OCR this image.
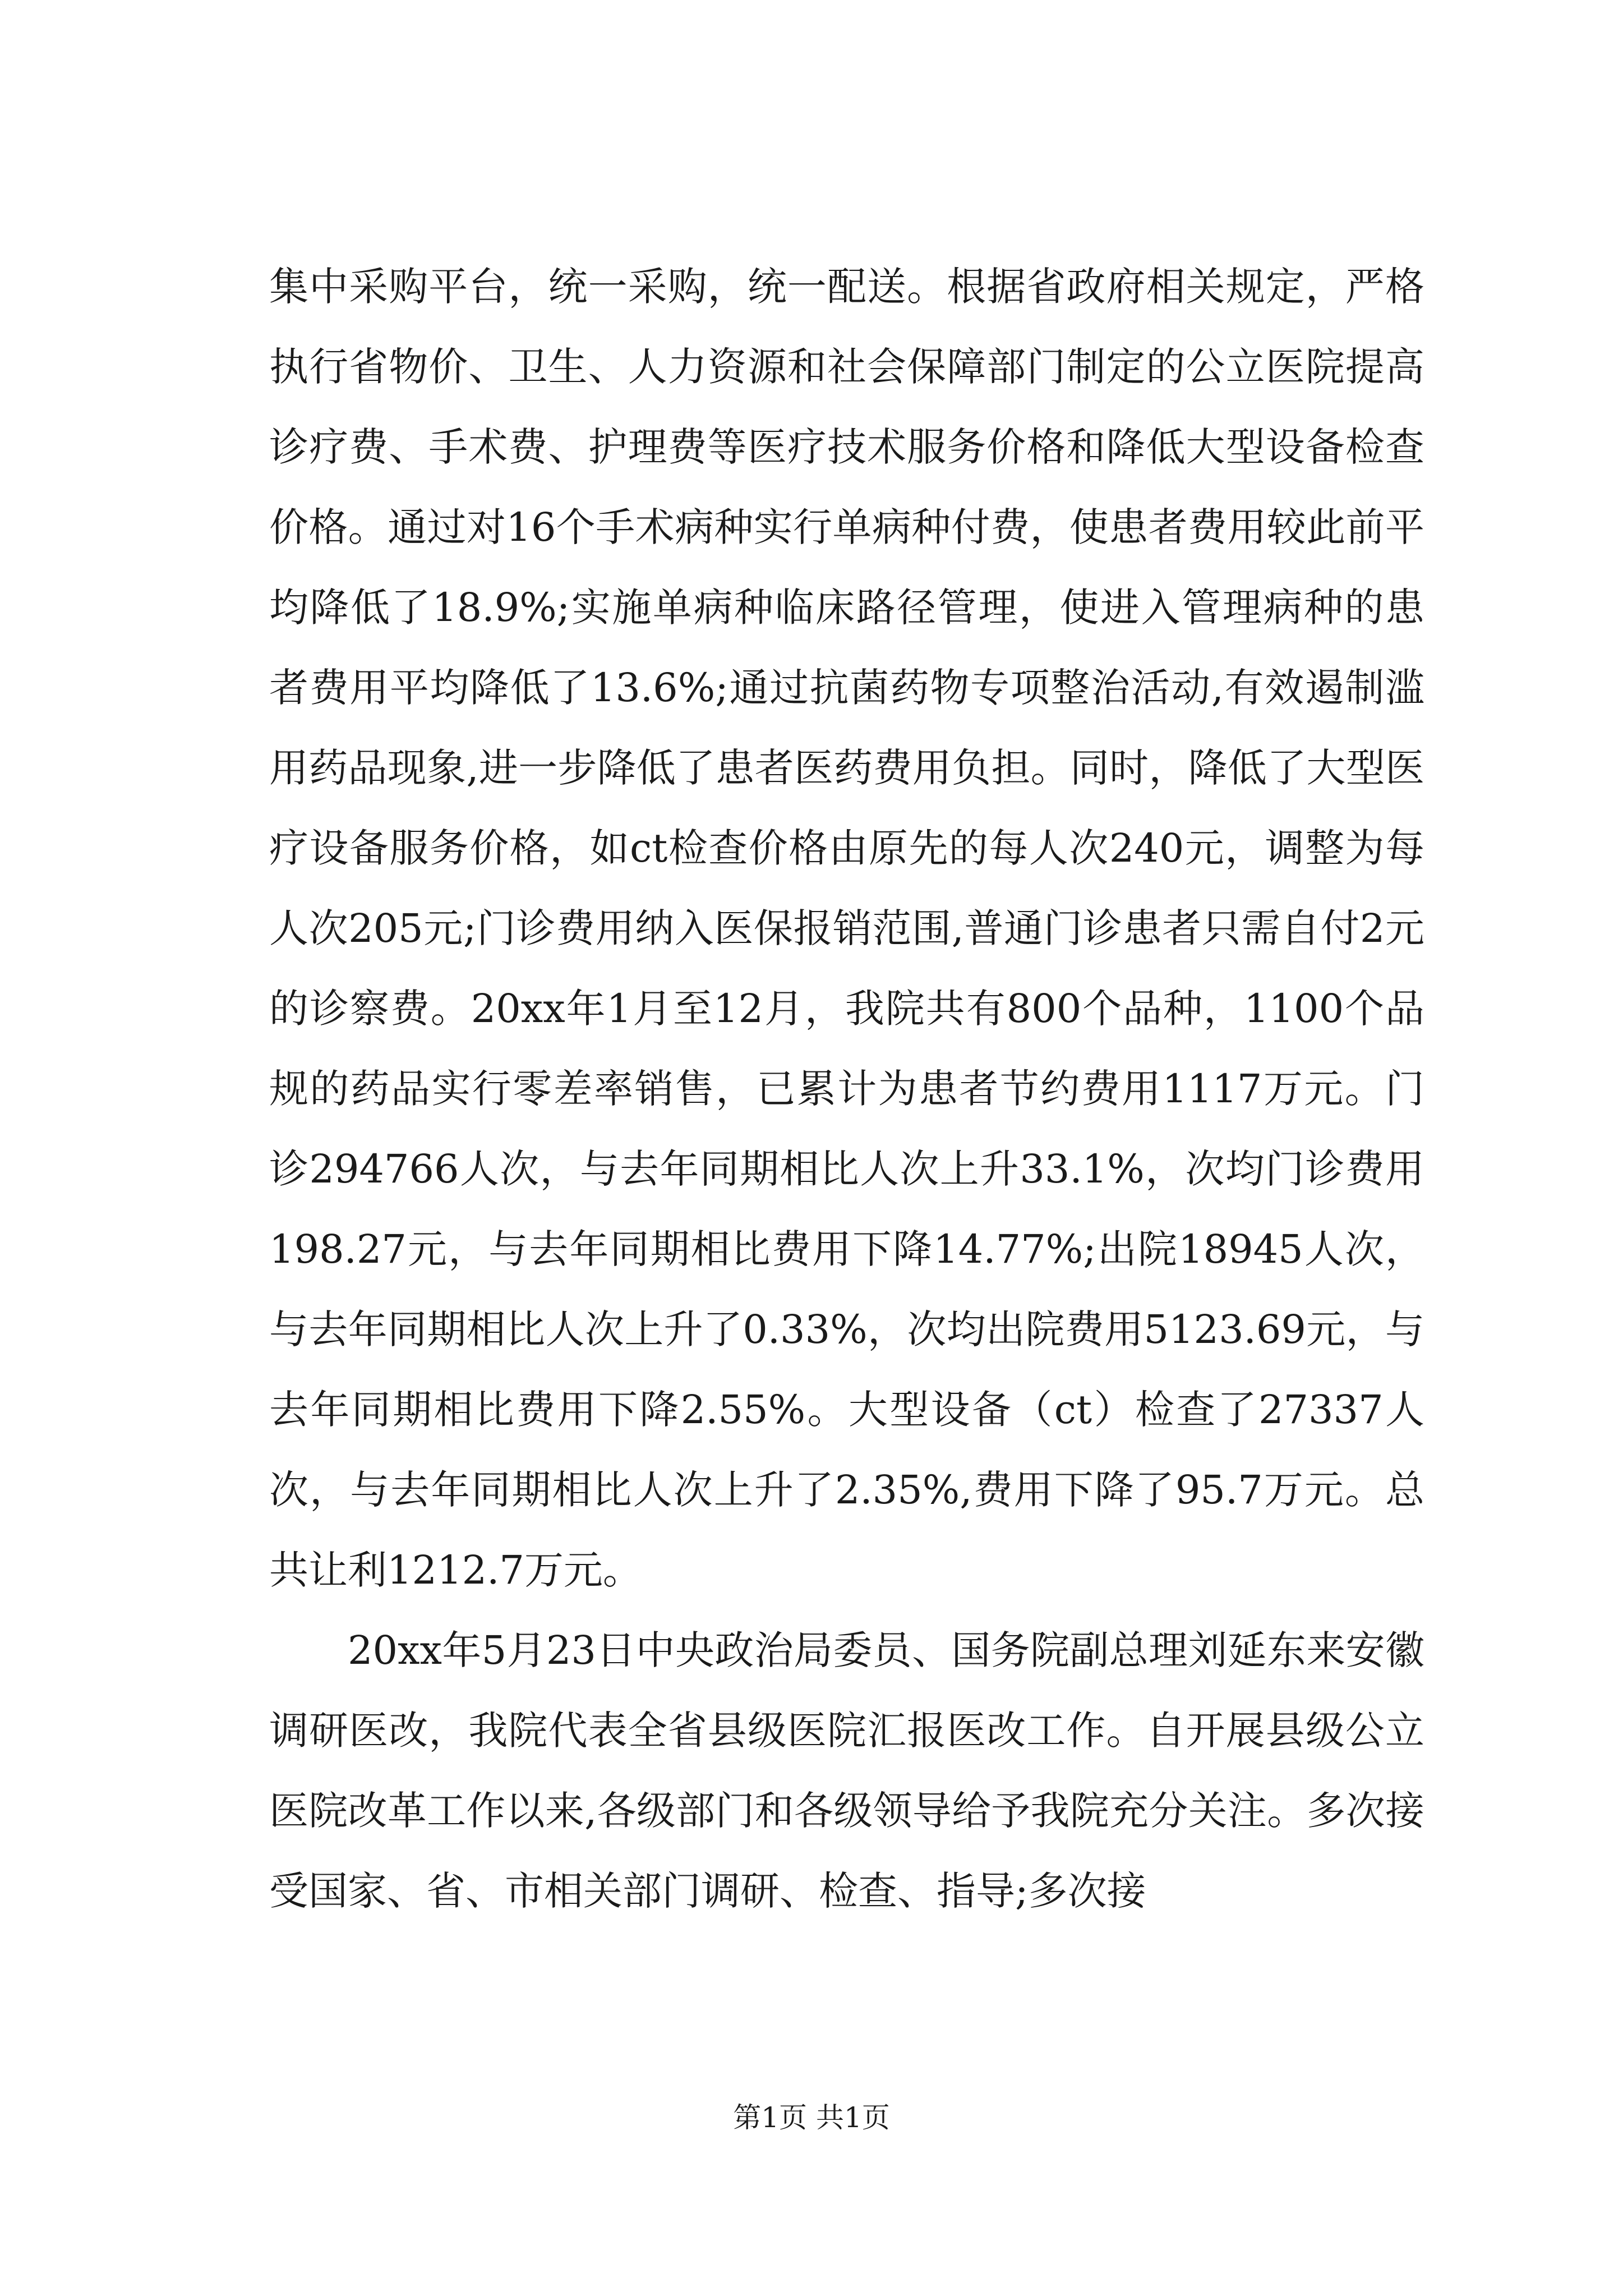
集中采购平台，统一采购，统一配送。根据省政府相关规定，严格执行省物价、卫生、人力资源和社会保障部门制定的公立医院提高诊疗费、手术费、护理费等医疗技术服务价格和降低大型设备检查价格。通过对16个手术病种实行单病种付费，使患者费用较此前平均降低了18.9%;实施单病种临床路径管理，使进入管理病种的患者费用平均降低了13.6%;通过抗菌药物专项整治活动,有效遏制滥用药品现象,进一步降低了患者医药费用负担。同时，降低了大型医疗设备服务价格，如ct检查价格由原先的每人次240元，调整为每人次205元;门诊费用纳入医保报销范围,普通门诊患者只需自付2元的诊察费。20xx年1月至12月，我院共有800个品种，1100个品规的药品实行零差率销售，已累计为患者节约费用1117万元。门诊294766人次，与去年同期相比人次上升33.1%，次均门诊费用198.27元，与去年同期相比费用下降14.77%;出院18945人次，与去年同期相比人次上升了0.33%，次均出院费用5123.69元，与去年同期相比费用下降2.55%。大型设备（ct）检查了27337人次，与去年同期相比人次上升了2.35%,费用下降了95.7万元。总共让利1212.7万元。

20xx年5月23日中央政治局委员、国务院副总理刘延东来安徽调研医改，我院代表全省县级医院汇报医改工作。自开展县级公立医院改革工作以来,各级部门和各级领导给予我院充分关注。多次接受国家、省、市相关部门调研、检查、指导;多次接

第1页 共1页
